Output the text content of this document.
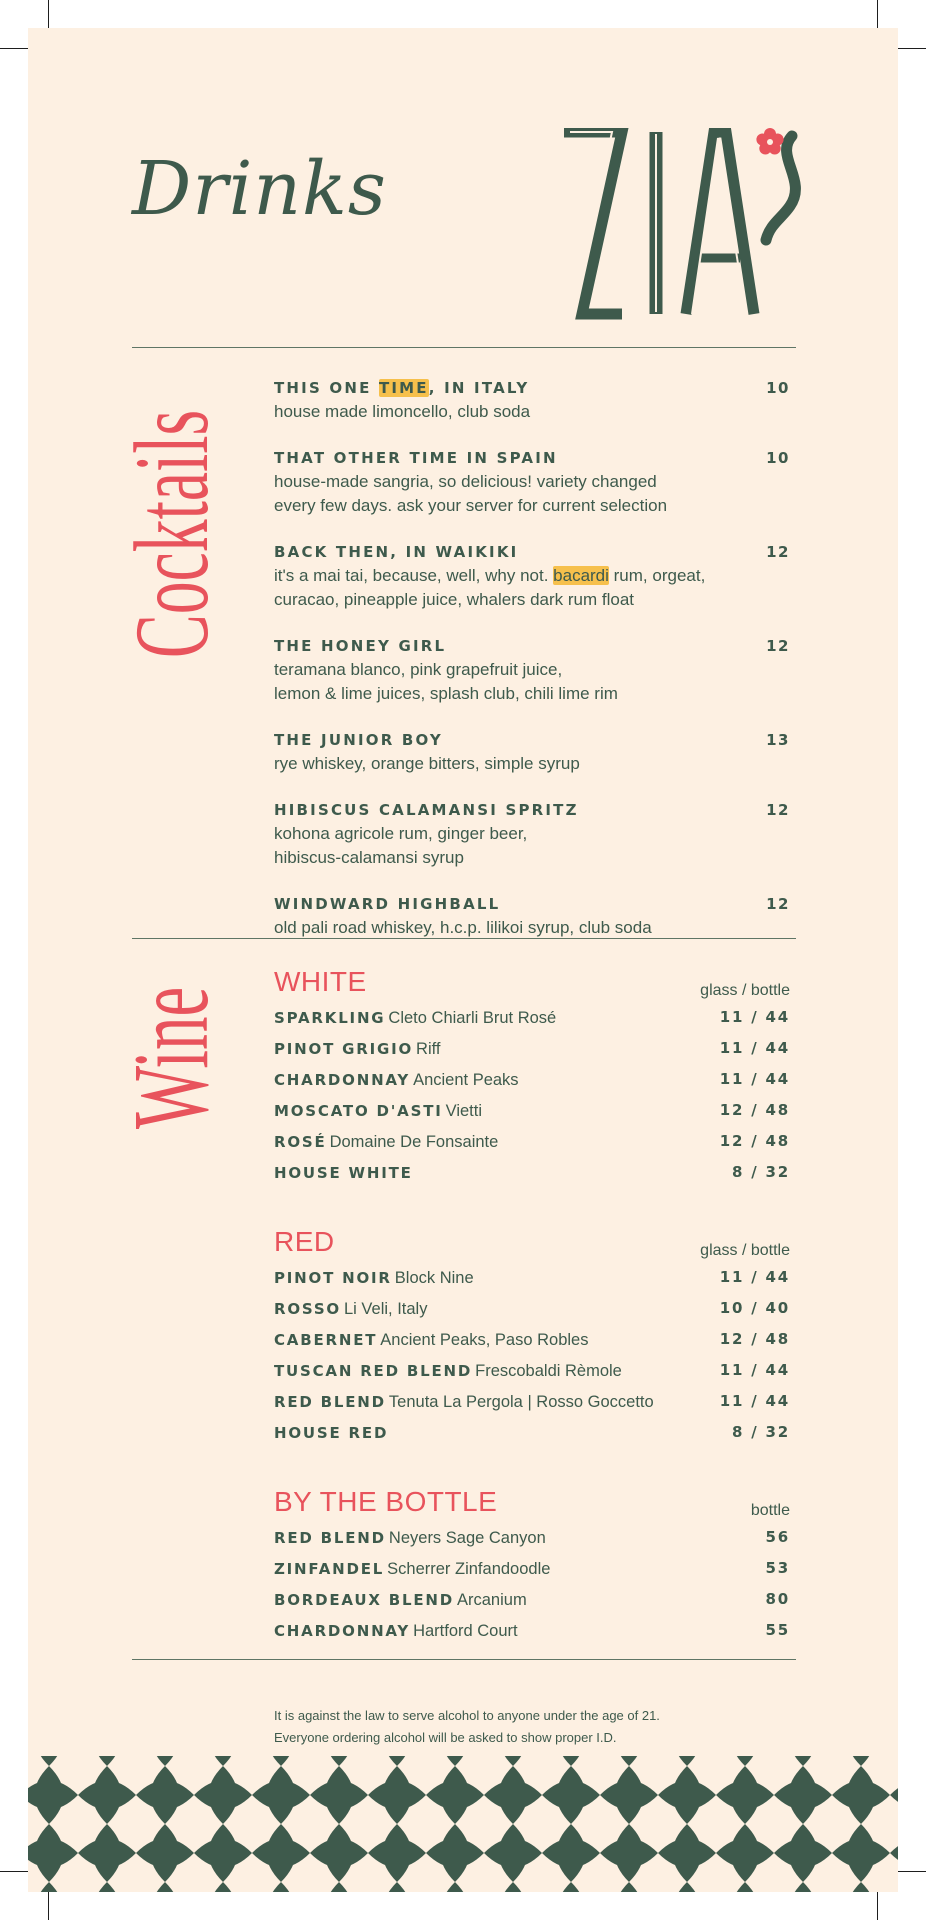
Drinks
Cocktails
THIS ONE TIME, IN ITALY	10
house made limoncello, club soda
THAT OTHER TIME IN SPAIN	10
house-made sangria, so delicious! variety changed
every few days. ask your server for current selection
BACK THEN, IN WAIKIKI	12
it's a mai tai, because, well, why not. bacardi rum, orgeat,
curacao, pineapple juice, whalers dark rum float
THE HONEY GIRL	12
teramana blanco, pink grapefruit juice,
lemon & lime juices, splash club, chili lime rim
THE JUNIOR BOY	13
rye whiskey, orange bitters, simple syrup
HIBISCUS CALAMANSI SPRITZ	12
kohona agricole rum, ginger beer,
hibiscus-calamansi syrup
WINDWARD HIGHBALL	12
old pali road whiskey, h.c.p. lilikoi syrup, club soda
Wine
WHITE	glass / bottle
SPARKLING Cleto Chiarli Brut Rosé	11 / 44
PINOT GRIGIO Riff	11 / 44
CHARDONNAY Ancient Peaks	11 / 44
MOSCATO D'ASTI Vietti	12 / 48
ROSÉ Domaine De Fonsainte	12 / 48
HOUSE WHITE	8 / 32
RED	glass / bottle
PINOT NOIR Block Nine	11 / 44
ROSSO Li Veli, Italy	10 / 40
CABERNET Ancient Peaks, Paso Robles	12 / 48
TUSCAN RED BLEND Frescobaldi Rèmole	11 / 44
RED BLEND Tenuta La Pergola | Rosso Goccetto	11 / 44
HOUSE RED	8 / 32
BY THE BOTTLE	bottle
RED BLEND Neyers Sage Canyon	56
ZINFANDEL Scherrer Zinfandoodle	53
BORDEAUX BLEND Arcanium	80
CHARDONNAY Hartford Court	55
It is against the law to serve alcohol to anyone under the age of 21.
Everyone ordering alcohol will be asked to show proper I.D.
